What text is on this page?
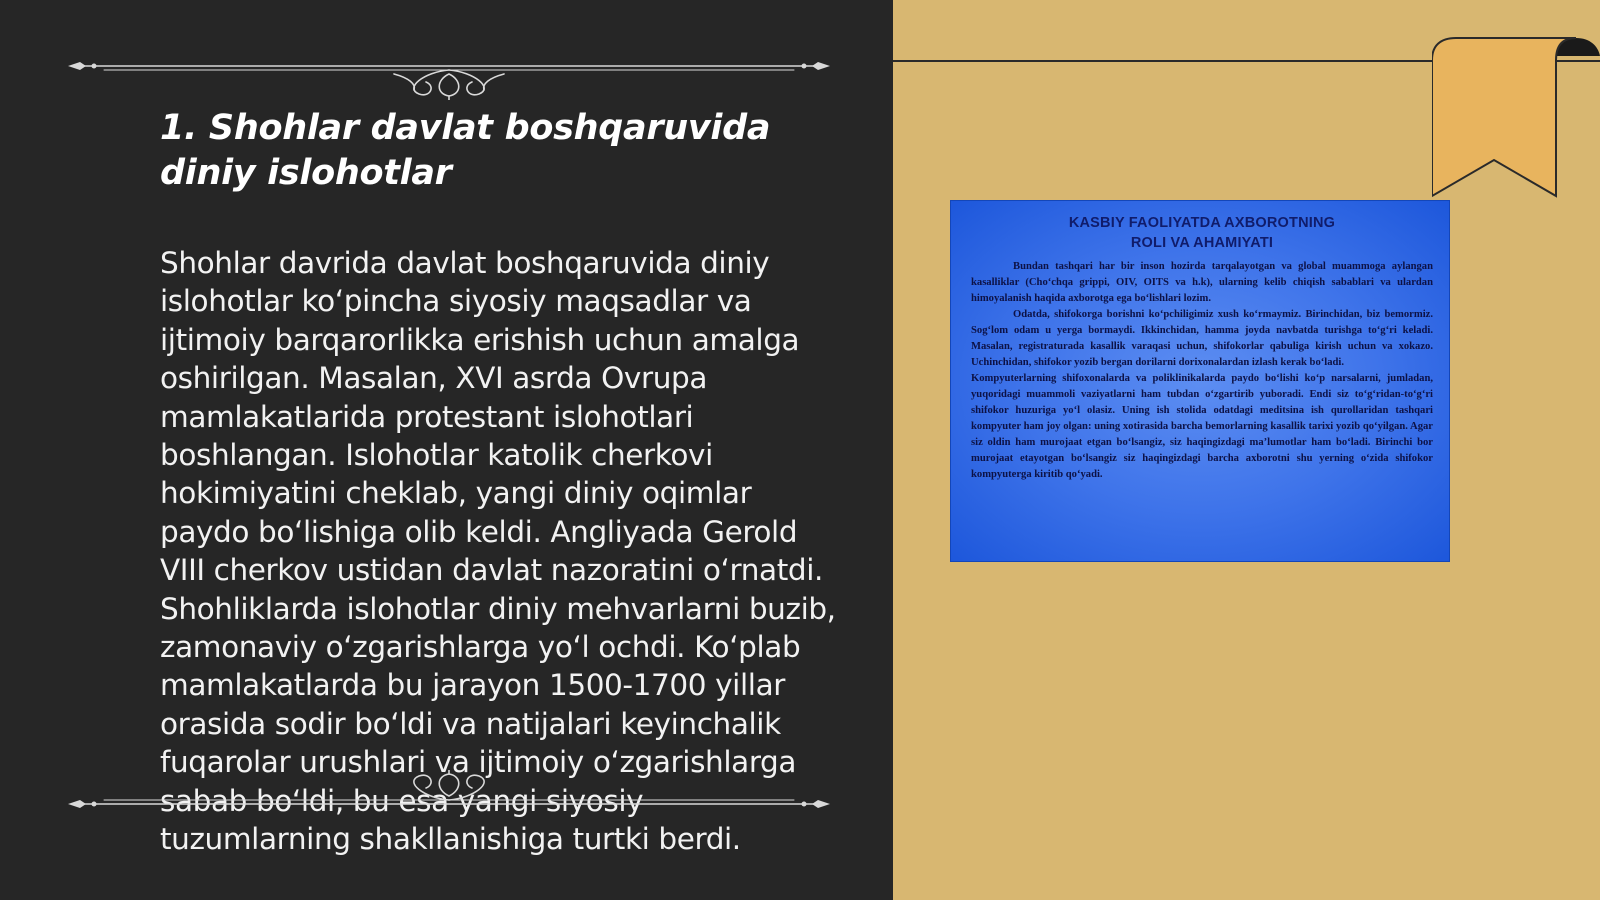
1. Shohlar davlat boshqaruvida diniy islohotlar

Shohlar davrida davlat boshqaruvida diniy islohotlar koʻpincha siyosiy maqsadlar va ijtimoiy barqarorlikka erishish uchun amalga oshirilgan. Masalan, XVI asrda Ovrupa mamlakatlarida protestant islohotlari boshlangan. Islohotlar katolik cherkovi hokimiyatini cheklab, yangi diniy oqimlar paydo boʻlishiga olib keldi. Angliyada Gerold VIII cherkov ustidan davlat nazoratini oʻrnatdi. Shohliklarda islohotlar diniy mehvarlarni buzib, zamonaviy oʻzgarishlarga yoʻl ochdi. Koʻplab mamlakatlarda bu jarayon 1500-1700 yillar orasida sodir boʻldi va natijalari keyinchalik fuqarolar urushlari va ijtimoiy oʻzgarishlarga sabab boʻldi, bu esa yangi siyosiy tuzumlarning shakllanishiga turtki berdi.

KASBIY FAOLIYATDA AXBOROTNING
ROLI VA AHAMIYATI

Bundan tashqari har bir inson hozirda tarqalayotgan va global muammoga aylangan kasalliklar (Choʻchqa grippi, OIV, OITS va h.k), ularning kelib chiqish sabablari va ulardan himoyalanish haqida axborotga ega boʻlishlari lozim.

Odatda, shifokorga borishni koʻpchiligimiz xush koʻrmaymiz. Birinchidan, biz bemormiz. Sogʻlom odam u yerga bormaydi. Ikkinchidan, hamma joyda navbatda turishga toʻgʻri keladi. Masalan, registraturada kasallik varaqasi uchun, shifokorlar qabuliga kirish uchun va xokazo. Uchinchidan, shifokor yozib bergan dorilarni dorixonalardan izlash kerak boʻladi.

Kompyuterlarning shifoxonalarda va poliklinikalarda paydo boʻlishi koʻp narsalarni, jumladan, yuqoridagi muammoli vaziyatlarni ham tubdan oʻzgartirib yuboradi. Endi siz toʻgʻridan-toʻgʻri shifokor huzuriga yoʻl olasiz. Uning ish stolida odatdagi meditsina ish qurollaridan tashqari kompyuter ham joy olgan: uning xotirasida barcha bemorlarning kasallik tarixi yozib qoʻyilgan. Agar siz oldin ham murojaat etgan boʻlsangiz, siz haqingizdagi maʼlumotlar ham boʻladi. Birinchi bor murojaat etayotgan boʻlsangiz siz haqingizdagi barcha axborotni shu yerning oʻzida shifokor kompyuterga kiritib qoʻyadi.
